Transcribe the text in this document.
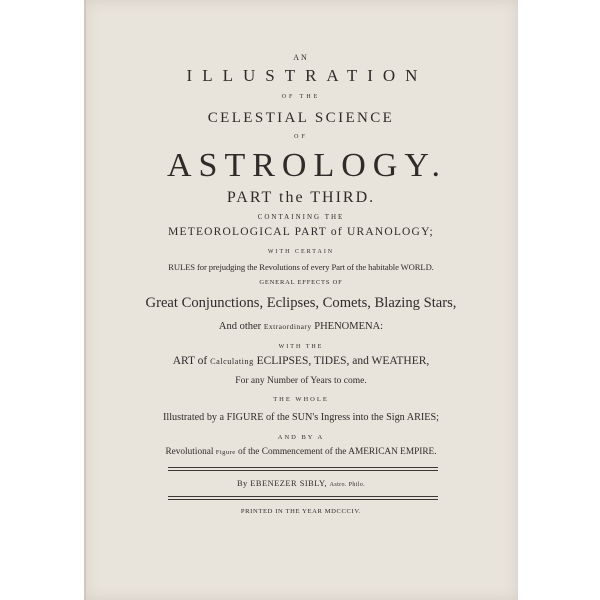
AN
ILLUSTRATION
OF THE
CELESTIAL SCIENCE
OF
ASTROLOGY.
PART the THIRD.
CONTAINING THE
METEOROLOGICAL PART of URANOLOGY;
WITH CERTAIN
RULES for prejudging the Revolutions of every Part of the habitable WORLD.
GENERAL EFFECTS OF
Great Conjunctions, Eclipses, Comets, Blazing Stars,
And other Extraordinary PHENOMENA:
WITH THE
ART of Calculating ECLIPSES, TIDES, and WEATHER,
For any Number of Years to come.
THE WHOLE
Illustrated by a FIGURE of the SUN's Ingress into the Sign ARIES;
AND BY A
Revolutional Figure of the Commencement of the AMERICAN EMPIRE.
By EBENEZER SIBLY, Astro. Philo.
PRINTED IN THE YEAR MDCCCIV.
